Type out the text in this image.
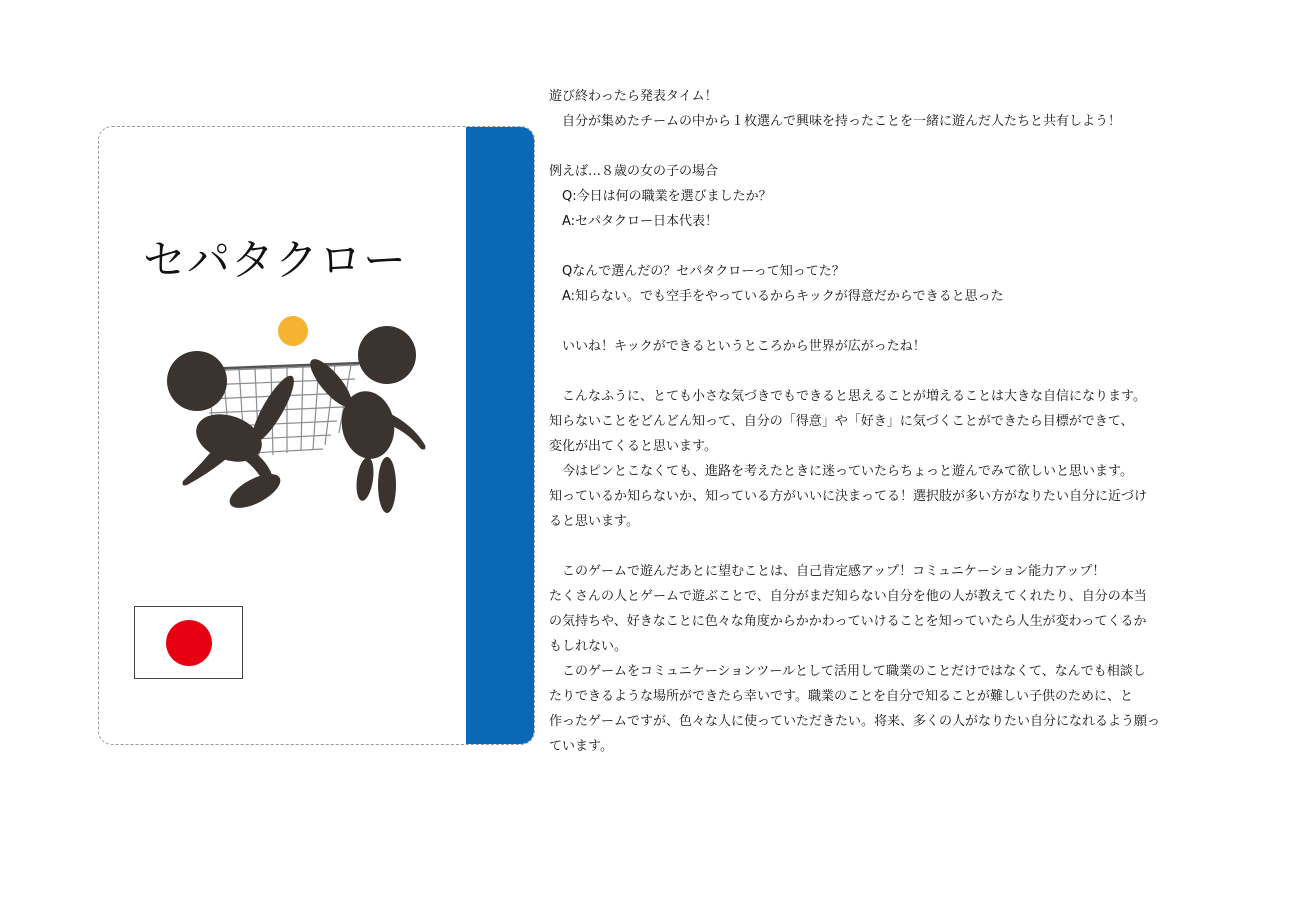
セパタクロー

遊び終わったら発表タイム！

　自分が集めたチームの中から１枚選んで興味を持ったことを一緒に遊んだ人たちと共有しよう！

例えば…８歳の女の子の場合

　Q:今日は何の職業を選びましたか？

　A:セパタクロー日本代表！

　Qなんで選んだの？セパタクローって知ってた？

　A:知らない。でも空手をやっているからキックが得意だからできると思った

　いいね！キックができるというところから世界が広がったね！

　こんなふうに、とても小さな気づきでもできると思えることが増えることは大きな自信になります。

知らないことをどんどん知って、自分の「得意」や「好き」に気づくことができたら目標ができて、

変化が出てくると思います。

　今はピンとこなくても、進路を考えたときに迷っていたらちょっと遊んでみて欲しいと思います。

知っているか知らないか、知っている方がいいに決まってる！選択肢が多い方がなりたい自分に近づけ

ると思います。

　このゲームで遊んだあとに望むことは、自己肯定感アップ！コミュニケーション能力アップ！

たくさんの人とゲームで遊ぶことで、自分がまだ知らない自分を他の人が教えてくれたり、自分の本当

の気持ちや、好きなことに色々な角度からかかわっていけることを知っていたら人生が変わってくるか

もしれない。

　このゲームをコミュニケーションツールとして活用して職業のことだけではなくて、なんでも相談し

たりできるような場所ができたら幸いです。職業のことを自分で知ることが難しい子供のために、と

作ったゲームですが、色々な人に使っていただきたい。将来、多くの人がなりたい自分になれるよう願っ

ています。
